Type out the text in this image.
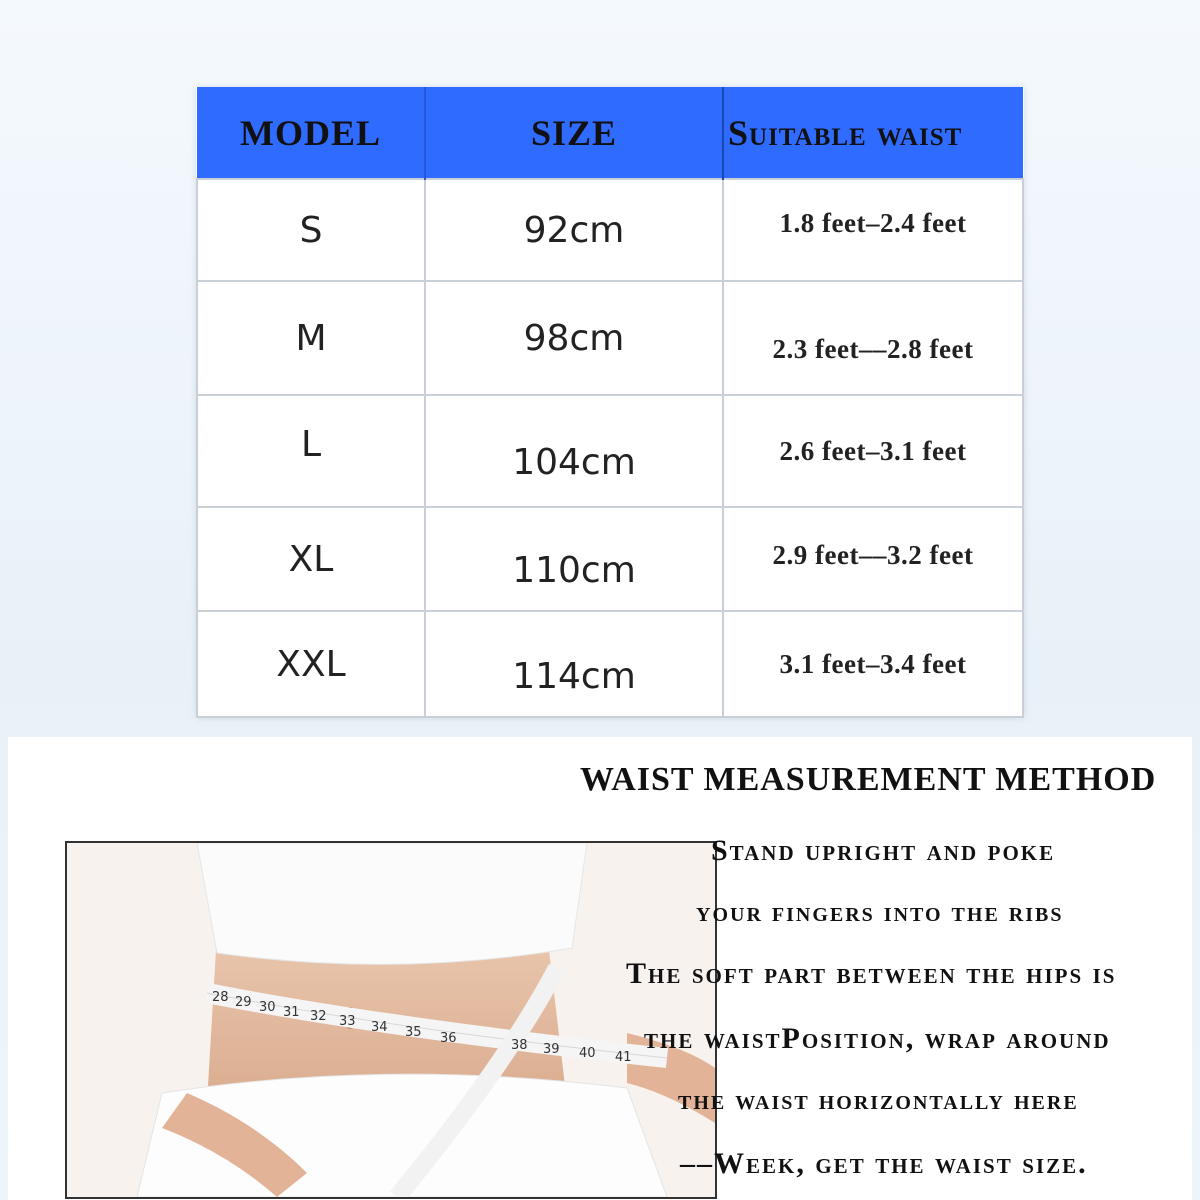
MODEL	SIZE	Suitable waist
S	92cm	1.8 feet–2.4 feet
M	98cm	2.3 feet––2.8 feet
L	104cm	2.6 feet–3.1 feet
XL	110cm	2.9 feet––3.2 feet
XXL	114cm	3.1 feet–3.4 feet
28 29 30 31 32 33 34 35 36	38 39 40 41
WAIST MEASUREMENT METHOD
Stand upright and poke
your fingers into the ribs
The soft part between the hips is
the waistPosition, wrap around
the waist horizontally here
––Week, get the waist size.
